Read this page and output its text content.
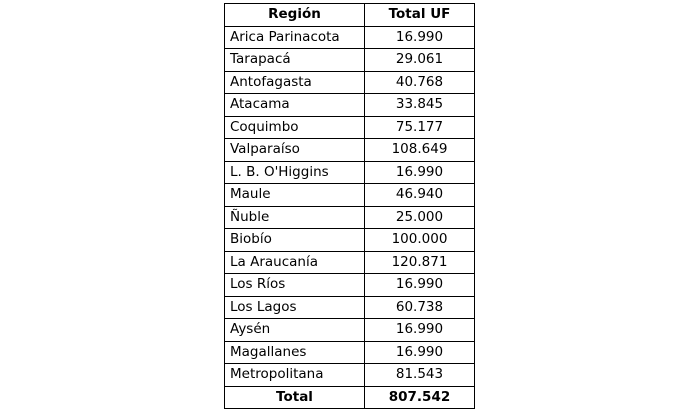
Región	Total UF
Arica Parinacota	16.990
Tarapacá	29.061
Antofagasta	40.768
Atacama	33.845
Coquimbo	75.177
Valparaíso	108.649
L. B. O'Higgins	16.990
Maule	46.940
Ñuble	25.000
Biobío	100.000
La Araucanía	120.871
Los Ríos	16.990
Los Lagos	60.738
Aysén	16.990
Magallanes	16.990
Metropolitana	81.543
Total	807.542
